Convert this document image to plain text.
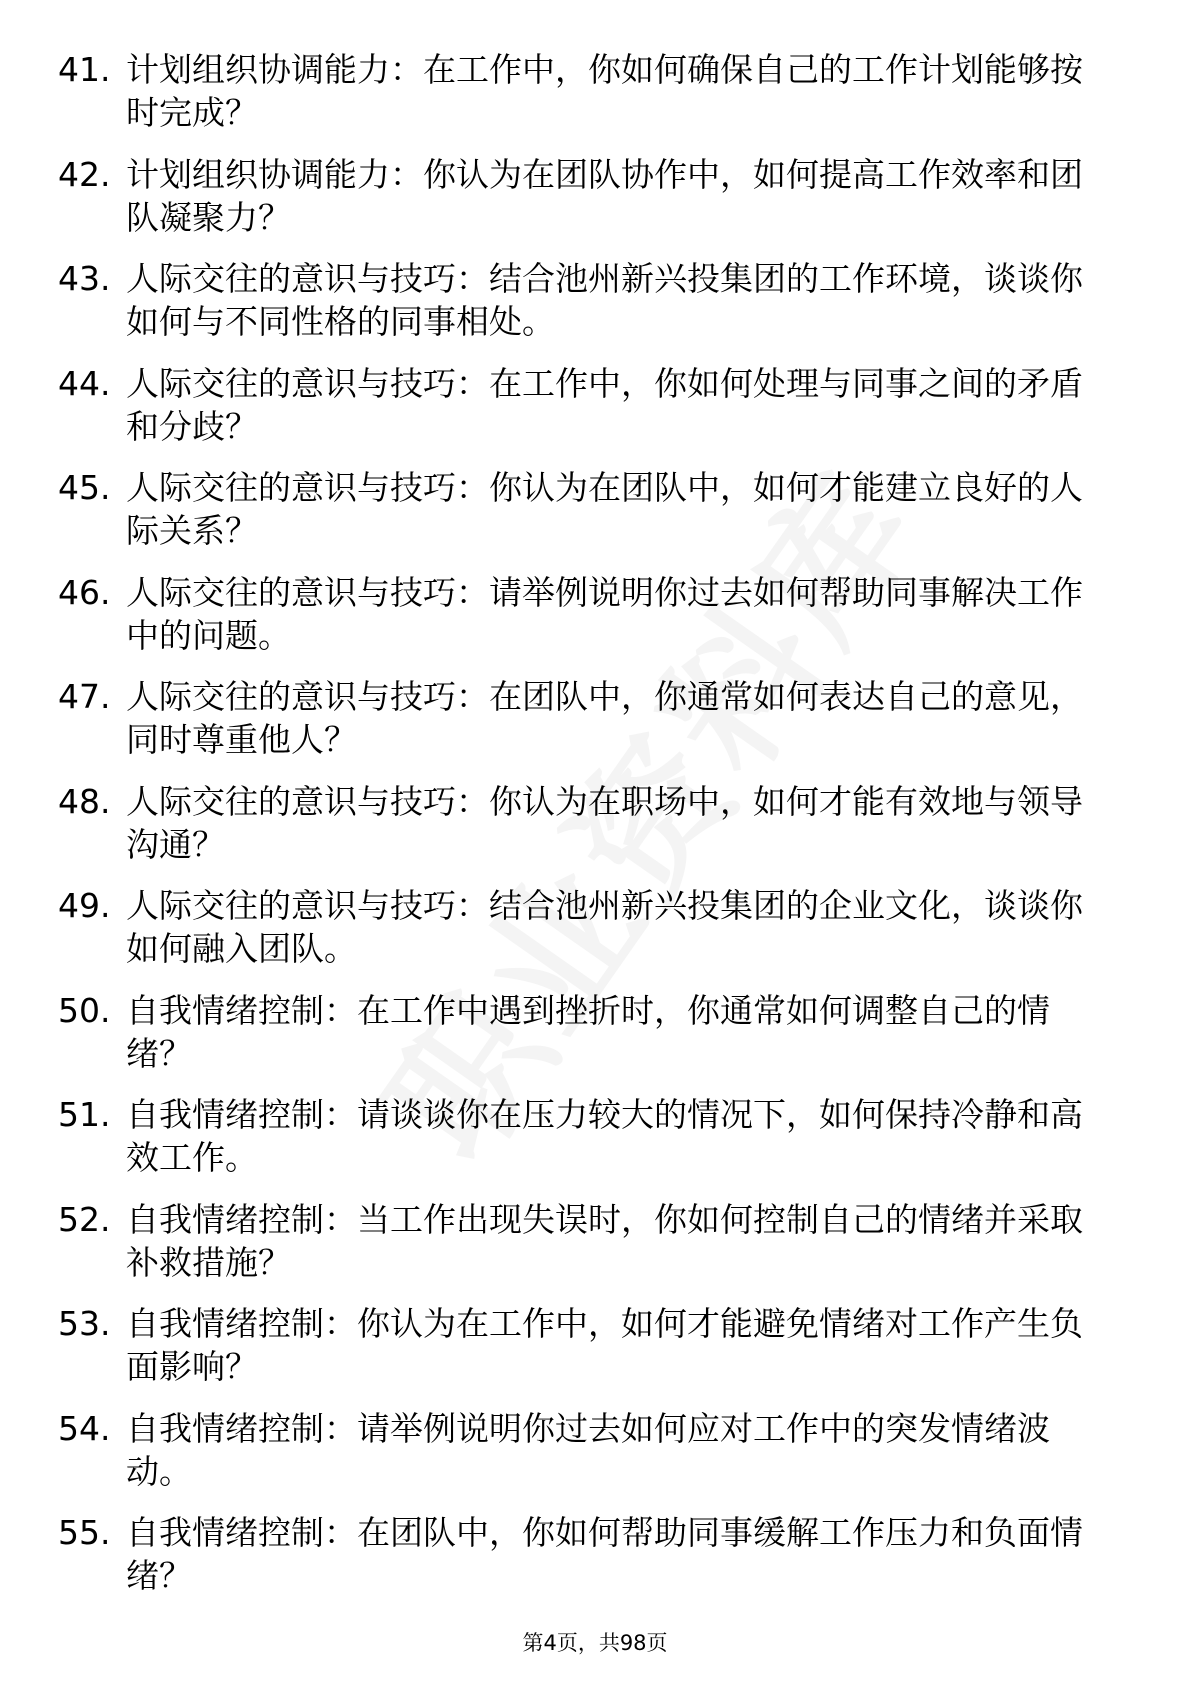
41. 计划组织协调能力：在工作中，你如何确保自己的工作计划能够按时完成？
42. 计划组织协调能力：你认为在团队协作中，如何提高工作效率和团队凝聚力？
43. 人际交往的意识与技巧：结合池州新兴投集团的工作环境，谈谈你如何与不同性格的同事相处。
44. 人际交往的意识与技巧：在工作中，你如何处理与同事之间的矛盾和分歧？
45. 人际交往的意识与技巧：你认为在团队中，如何才能建立良好的人际关系？
46. 人际交往的意识与技巧：请举例说明你过去如何帮助同事解决工作中的问题。
47. 人际交往的意识与技巧：在团队中，你通常如何表达自己的意见，同时尊重他人？
48. 人际交往的意识与技巧：你认为在职场中，如何才能有效地与领导沟通？
49. 人际交往的意识与技巧：结合池州新兴投集团的企业文化，谈谈你如何融入团队。
50. 自我情绪控制：在工作中遇到挫折时，你通常如何调整自己的情绪？
51. 自我情绪控制：请谈谈你在压力较大的情况下，如何保持冷静和高效工作。
52. 自我情绪控制：当工作出现失误时，你如何控制自己的情绪并采取补救措施？
53. 自我情绪控制：你认为在工作中，如何才能避免情绪对工作产生负面影响？
54. 自我情绪控制：请举例说明你过去如何应对工作中的突发情绪波动。
55. 自我情绪控制：在团队中，你如何帮助同事缓解工作压力和负面情绪？
第4页，共98页
